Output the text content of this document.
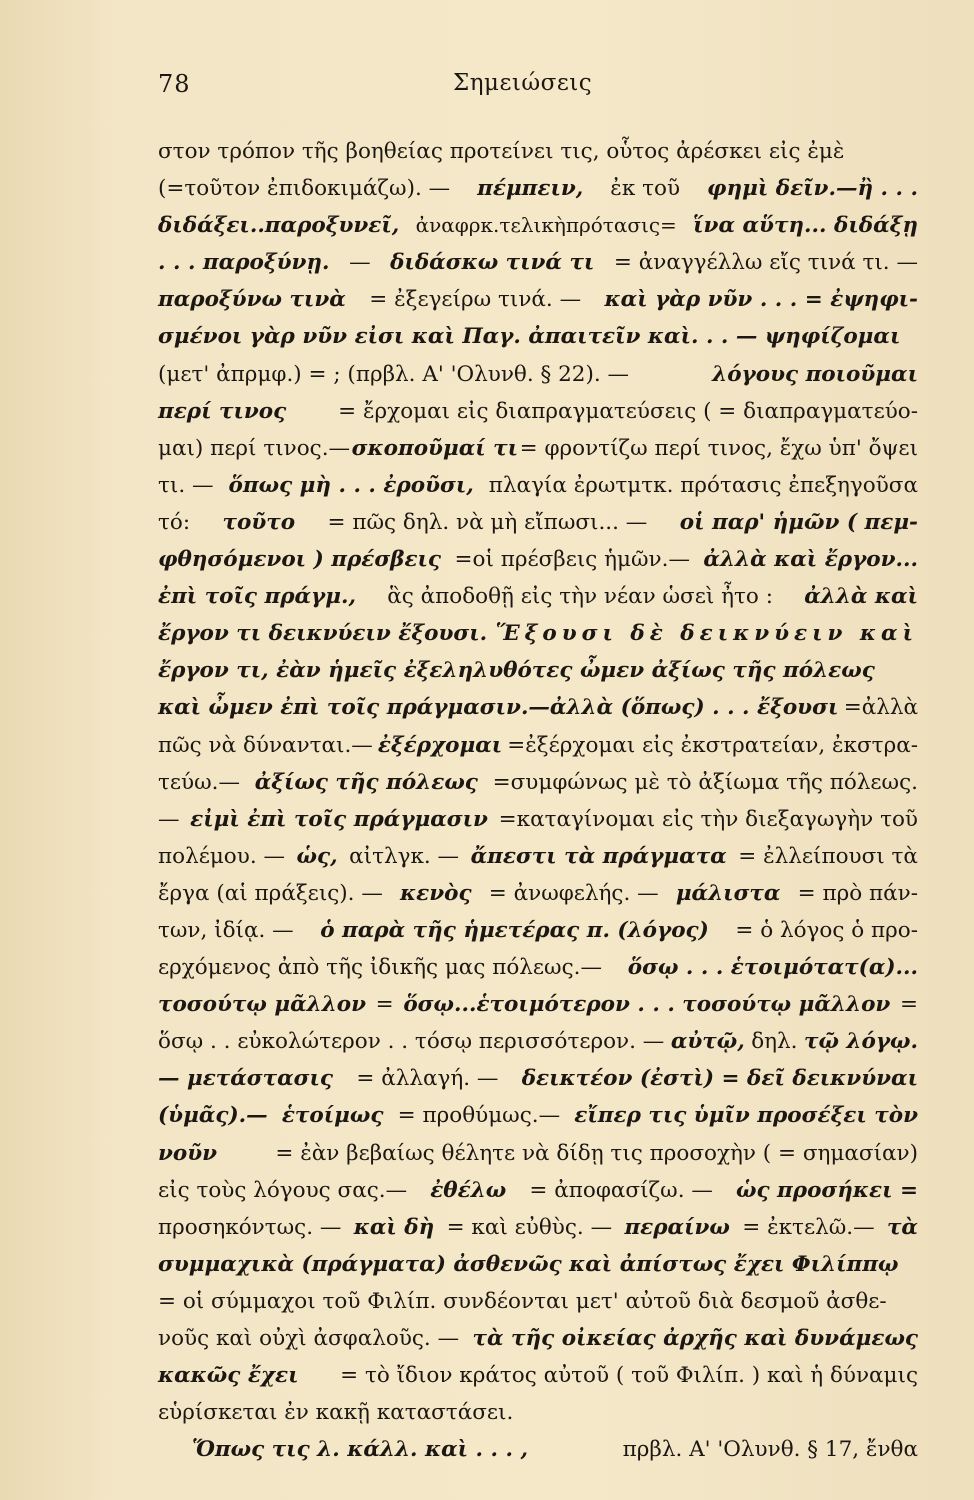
78	Σημειώσεις
στον τρόπον τῆς βοηθείας προτείνει τις, οὗτος ἀρέσκει εἰς ἐμὲ
(=τοῦτον ἐπιδοκιμάζω). — πέμπειν, ἐκ τοῦ φημὶ δεῖν.—ἢ . . .
διδάξει..παροξυνεῖ, ἀναφρκ.τελικὴπρότασις= ἵνα αὕτη... διδάξῃ
. . . παροξύνῃ. — διδάσκω τινά τι = ἀναγγέλλω εἴς τινά τι. —
παροξύνω τινὰ = ἐξεγείρω τινά. — καὶ γὰρ νῦν . . . = ἐψηφι-
σμένοι γὰρ νῦν εἰσι καὶ Παγ. ἀπαιτεῖν καὶ. . . — ψηφίζομαι
(μετ' ἀπρμφ.) = ; (πρβλ. Α' 'Ολυνθ. § 22). —	λόγους ποιοῦμαι
περί τινος = ἔρχομαι εἰς διαπραγματεύσεις ( = διαπραγματεύο-
μαι) περί τινος.— σκοποῦμαί τι = φροντίζω περί τινος, ἔχω ὑπ' ὄψει
τι. — ὅπως μὴ . . . ἐροῦσι, πλαγία ἐρωτμτκ. πρότασις ἐπεξηγοῦσα
τό: τοῦτο = πῶς δηλ. νὰ μὴ εἴπωσι... — οἱ παρ' ἡμῶν ( πεμ-
φθησόμενοι ) πρέσβεις =οἱ πρέσβεις ἡμῶν.— ἀλλὰ καὶ ἔργον...
ἐπὶ τοῖς πράγμ., ἃς ἀποδοθῇ εἰς τὴν νέαν ὡσεὶ ἦτο : ἀλλὰ καὶ
ἔργον τι δεικνύειν ἔξουσι. Ἕξουσι δὲ δεικνύειν καὶ
ἔργον τι, ἐὰν ἡμεῖς ἐξεληλυθότες ὦμεν ἀξίως τῆς πόλεως
καὶ ὦμεν ἐπὶ τοῖς πράγμασιν.—ἀλλὰ (ὅπως) . . . ἔξουσι =ἀλλὰ
πῶς νὰ δύνανται.— ἐξέρχομαι =ἐξέρχομαι εἰς ἐκστρατείαν, ἐκστρα-
τεύω.— ἀξίως τῆς πόλεως =συμφώνως μὲ τὸ ἀξίωμα τῆς πόλεως.
— εἰμὶ ἐπὶ τοῖς πράγμασιν =καταγίνομαι εἰς τὴν διεξαγωγὴν τοῦ
πολέμου. — ὡς, αἰτλγκ. — ἄπεστι τὰ πράγματα = ἐλλείπουσι τὰ
ἔργα (αἱ πράξεις). — κενὸς = ἀνωφελής. — μάλιστα = πρὸ πάν-
των, ἰδίᾳ. — ὁ παρὰ τῆς ἡμετέρας π. (λόγος) = ὁ λόγος ὁ προ-
ερχόμενος ἀπὸ τῆς ἰδικῆς μας πόλεως.— ὅσῳ . . . ἑτοιμότατ(α)...
τοσούτῳ μᾶλλον = ὅσῳ...ἑτοιμότερον . . . τοσούτῳ μᾶλλον =
ὅσῳ . . εὐκολώτερον . . τόσῳ περισσότερον. — αὐτῷ, δηλ. τῷ λόγῳ.
— μετάστασις = ἀλλαγή. — δεικτέον (ἐστὶ) = δεῖ δεικνύναι
(ὑμᾶς).— ἑτοίμως = προθύμως.— εἴπερ τις ὑμῖν προσέξει τὸν
νοῦν	= ἐὰν βεβαίως θέλητε νὰ δίδῃ τις προσοχὴν ( = σημασίαν)
εἰς τοὺς λόγους σας.— ἐθέλω = ἀποφασίζω. — ὡς προσήκει =
προσηκόντως. — καὶ δὴ = καὶ εὐθὺς. — περαίνω = ἐκτελῶ.— τὰ
συμμαχικὰ (πράγματα) ἀσθενῶς καὶ ἀπίστως ἔχει Φιλίππῳ
= οἱ σύμμαχοι τοῦ Φιλίπ. συνδέονται μετ' αὐτοῦ διὰ δεσμοῦ ἀσθε-
νοῦς καὶ οὐχὶ ἀσφαλοῦς. — τὰ τῆς οἰκείας ἀρχῆς καὶ δυνάμεως
κακῶς ἔχει = τὸ ἴδιον κράτος αὐτοῦ ( τοῦ Φιλίπ. ) καὶ ἡ δύναμις
εὑρίσκεται ἐν κακῇ καταστάσει.
Ὅπως τις λ. κάλλ. καὶ . . . ,	πρβλ. Α' 'Ολυνθ. § 17, ἔνθα
